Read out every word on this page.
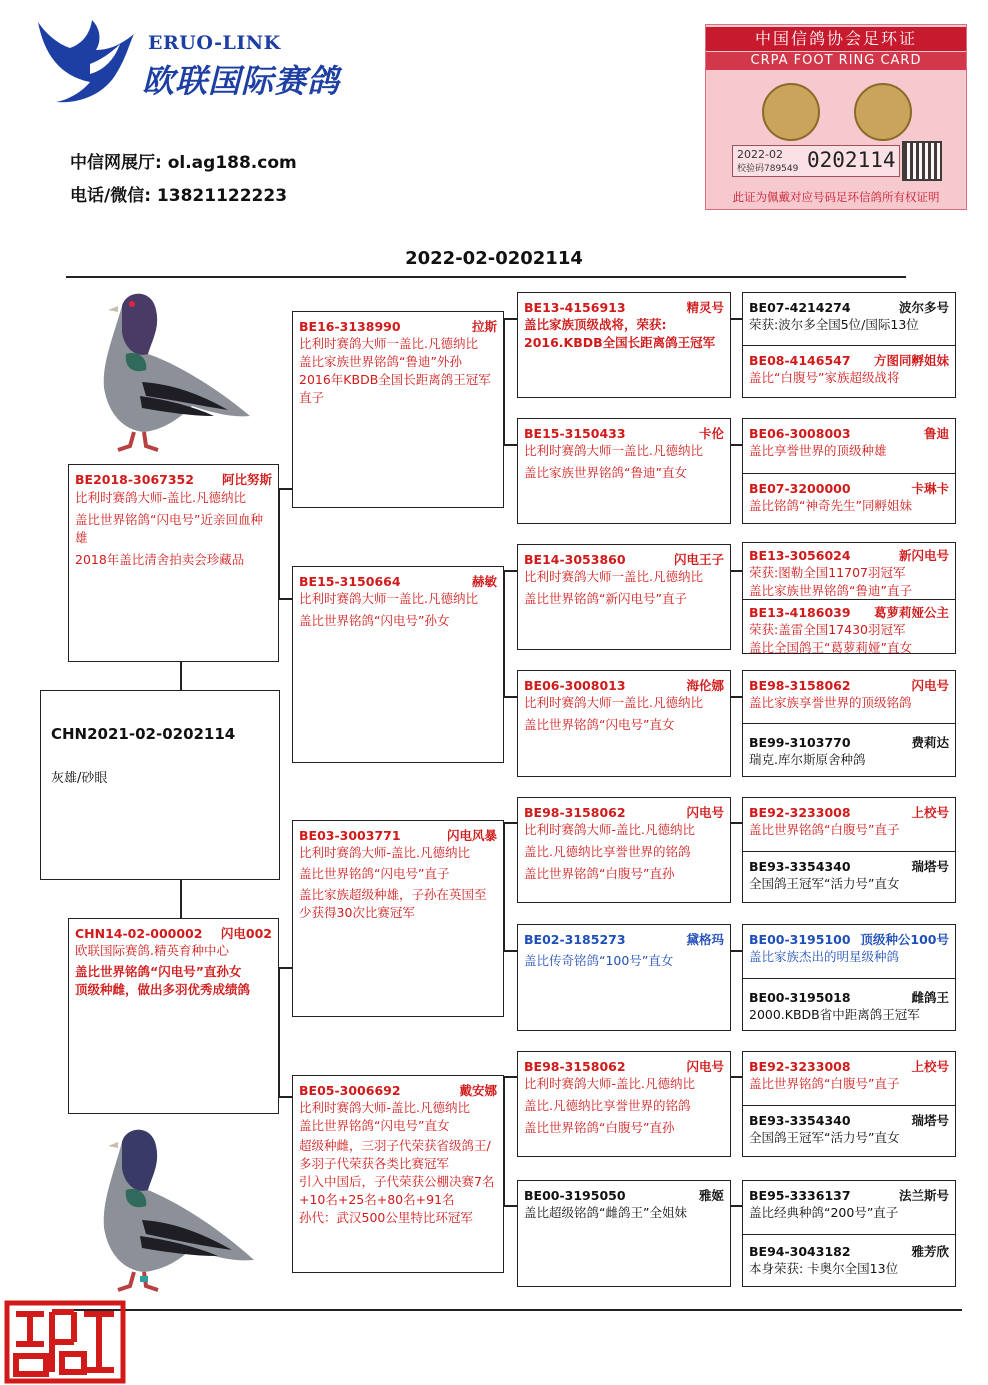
ERUO-LINK
欧联国际赛鸽
中信网展厅: ol.ag188.com
电话/微信: 13821122223
中国信鸽协会足环证
CRPA FOOT RING CARD
2022-02
校验码789549 0202114
此证为佩戴对应号码足环信鸽所有权证明
2022-02-0202114
CHN2021-02-0202114
灰雄/砂眼
BE2018-3067352 阿比努斯
比利时赛鸽大师-盖比.凡德纳比
盖比世界铭鸽“闪电号”近亲回血种雄
2018年盖比清舍拍卖会珍藏品
CHN14-02-000002 闪电002
欧联国际赛鸽.精英育种中心
盖比世界铭鸽“闪电号”直孙女
顶级种雌，做出多羽优秀成绩鸽
BE16-3138990	拉斯
比利时赛鸽大师一盖比.凡德纳比
盖比家族世界铭鸽“鲁迪”外孙
2016年KBDB全国长距离鸽王冠军直子
BE15-3150664	赫敏
比利时赛鸽大师一盖比.凡德纳比
盖比世界铭鸽“闪电号”孙女
BE03-3003771	闪电风暴
比利时赛鸽大师-盖比.凡德纳比
盖比世界铭鸽“闪电号”直子
盖比家族超级种雄，子孙在英国至少获得30次比赛冠军
BE05-3006692	戴安娜
比利时赛鸽大师-盖比.凡德纳比
盖比世界铭鸽“闪电号”直女
超级种雌，三羽子代荣获省级鸽王/多羽子代荣获各类比赛冠军
引入中国后，子代荣获公棚决赛7名+10名+25名+80名+91名
孙代：武汉500公里特比环冠军
BE13-4156913	精灵号
盖比家族顶级战将，荣获:
2016.KBDB全国长距离鸽王冠军
BE15-3150433	卡伦
比利时赛鸽大师一盖比.凡德纳比
盖比家族世界铭鸽“鲁迪”直女
BE14-3053860	闪电王子
比利时赛鸽大师一盖比.凡德纳比
盖比世界铭鸽“新闪电号”直子
BE06-3008013	海伦娜
比利时赛鸽大师一盖比.凡德纳比
盖比世界铭鸽“闪电号”直女
BE98-3158062	闪电号
比利时赛鸽大师-盖比.凡德纳比
盖比.凡德纳比享誉世界的铭鸽
盖比世界铭鸽“白腹号”直孙
BE02-3185273	黛格玛
盖比传奇铭鸽“100号”直女
BE98-3158062	闪电号
比利时赛鸽大师-盖比.凡德纳比
盖比.凡德纳比享誉世界的铭鸽
盖比世界铭鸽“白腹号”直孙
BE00-3195050	雅姬
盖比超级铭鸽“雌鸽王”全姐妹
BE07-4214274	波尔多号
荣获:波尔多全国5位/国际13位
BE08-4146547 方图同孵姐妹
盖比“白腹号”家族超级战将
BE06-3008003	鲁迪
盖比享誉世界的顶级种雄
BE07-3200000	卡琳卡
盖比铭鸽“神奇先生”同孵姐妹
BE13-3056024	新闪电号
荣获:图勒全国11707羽冠军
盖比家族世界铭鸽“鲁迪”直子
BE13-4186039 葛萝莉娅公主
荣获:盖雷全国17430羽冠军
盖比全国鸽王“葛萝莉娅”直女
BE98-3158062	闪电号
盖比家族享誉世界的顶级铭鸽
BE99-3103770	费莉达
瑞克.库尔斯原舍种鸽
BE92-3233008	上校号
盖比世界铭鸽“白腹号”直子
BE93-3354340	瑞塔号
全国鸽王冠军“活力号”直女
BE00-3195100 顶级种公100号
盖比家族杰出的明星级种鸽
BE00-3195018	雌鸽王
2000.KBDB省中距离鸽王冠军
BE92-3233008	上校号
盖比世界铭鸽“白腹号”直子
BE93-3354340	瑞塔号
全国鸽王冠军“活力号”直女
BE95-3336137	法兰斯号
盖比经典种鸽“200号”直子
BE94-3043182	雅芳欣
本身荣获: 卡奥尔全国13位
